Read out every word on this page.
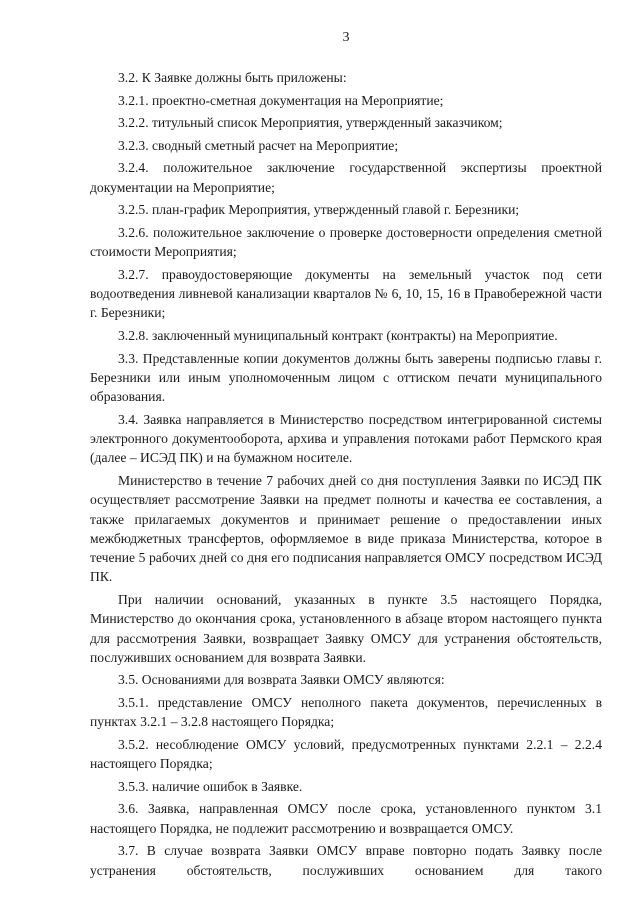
3

3.2. К Заявке должны быть приложены:

3.2.1. проектно-сметная документация на Мероприятие;

3.2.2. титульный список Мероприятия, утвержденный заказчиком;

3.2.3. сводный сметный расчет на Мероприятие;

3.2.4. положительное заключение государственной экспертизы проектной документации на Мероприятие;

3.2.5. план-график Мероприятия, утвержденный главой г. Березники;

3.2.6. положительное заключение о проверке достоверности определения сметной стоимости Мероприятия;

3.2.7. правоудостоверяющие документы на земельный участок под сети водоотведения ливневой канализации кварталов № 6, 10, 15, 16 в Правобережной части г. Березники;

3.2.8. заключенный муниципальный контракт (контракты) на Мероприятие.

3.3. Представленные копии документов должны быть заверены подписью главы г. Березники или иным уполномоченным лицом с оттиском печати муниципального образования.

3.4. Заявка направляется в Министерство посредством интегрированной системы электронного документооборота, архива и управления потоками работ Пермского края (далее – ИСЭД ПК) и на бумажном носителе.

Министерство в течение 7 рабочих дней со дня поступления Заявки по ИСЭД ПК осуществляет рассмотрение Заявки на предмет полноты и качества ее составления, а также прилагаемых документов и принимает решение о предоставлении иных межбюджетных трансфертов, оформляемое в виде приказа Министерства, которое в течение 5 рабочих дней со дня его подписания направляется ОМСУ посредством ИСЭД ПК.

При наличии оснований, указанных в пункте 3.5 настоящего Порядка, Министерство до окончания срока, установленного в абзаце втором настоящего пункта для рассмотрения Заявки, возвращает Заявку ОМСУ для устранения обстоятельств, послуживших основанием для возврата Заявки.

3.5. Основаниями для возврата Заявки ОМСУ являются:

3.5.1. представление ОМСУ неполного пакета документов, перечисленных в пунктах 3.2.1 – 3.2.8 настоящего Порядка;

3.5.2. несоблюдение ОМСУ условий, предусмотренных пунктами 2.2.1 – 2.2.4 настоящего Порядка;

3.5.3. наличие ошибок в Заявке.

3.6. Заявка, направленная ОМСУ после срока, установленного пунктом 3.1 настоящего Порядка, не подлежит рассмотрению и возвращается ОМСУ.

3.7. В случае возврата Заявки ОМСУ вправе повторно подать Заявку после устранения обстоятельств, послуживших основанием для такого
